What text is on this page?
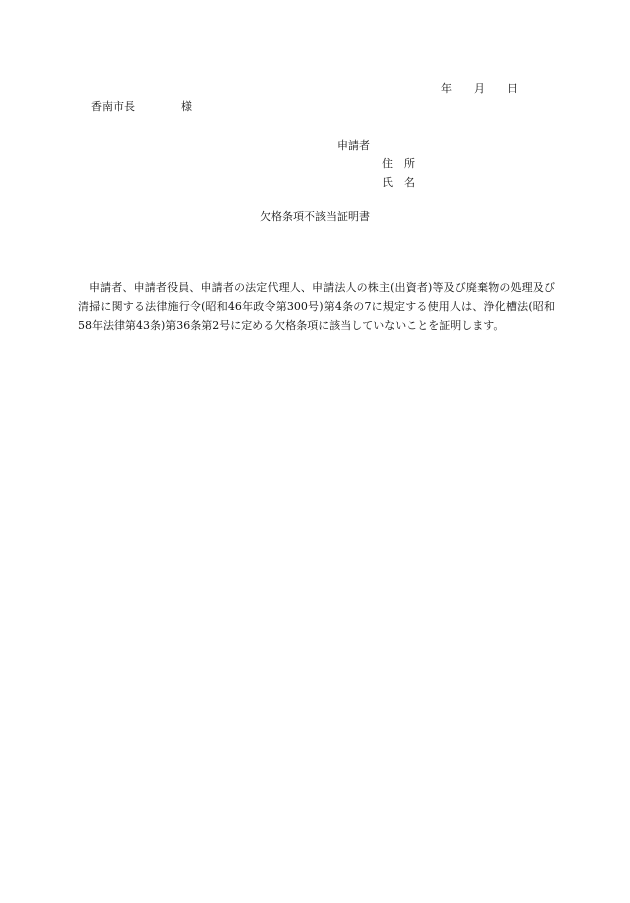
年 月 日
香南市長	様
申請者
住 所
氏 名
欠格条項不該当証明書

申請者、申請者役員、申請者の法定代理人、申請法人の株主(出資者)等及び廃棄物の処理及び清掃に関する法律施行令(昭和46年政令第300号)第4条の7に規定する使用人は、浄化槽法(昭和58年法律第43条)第36条第2号に定める欠格条項に該当していないことを証明します。
